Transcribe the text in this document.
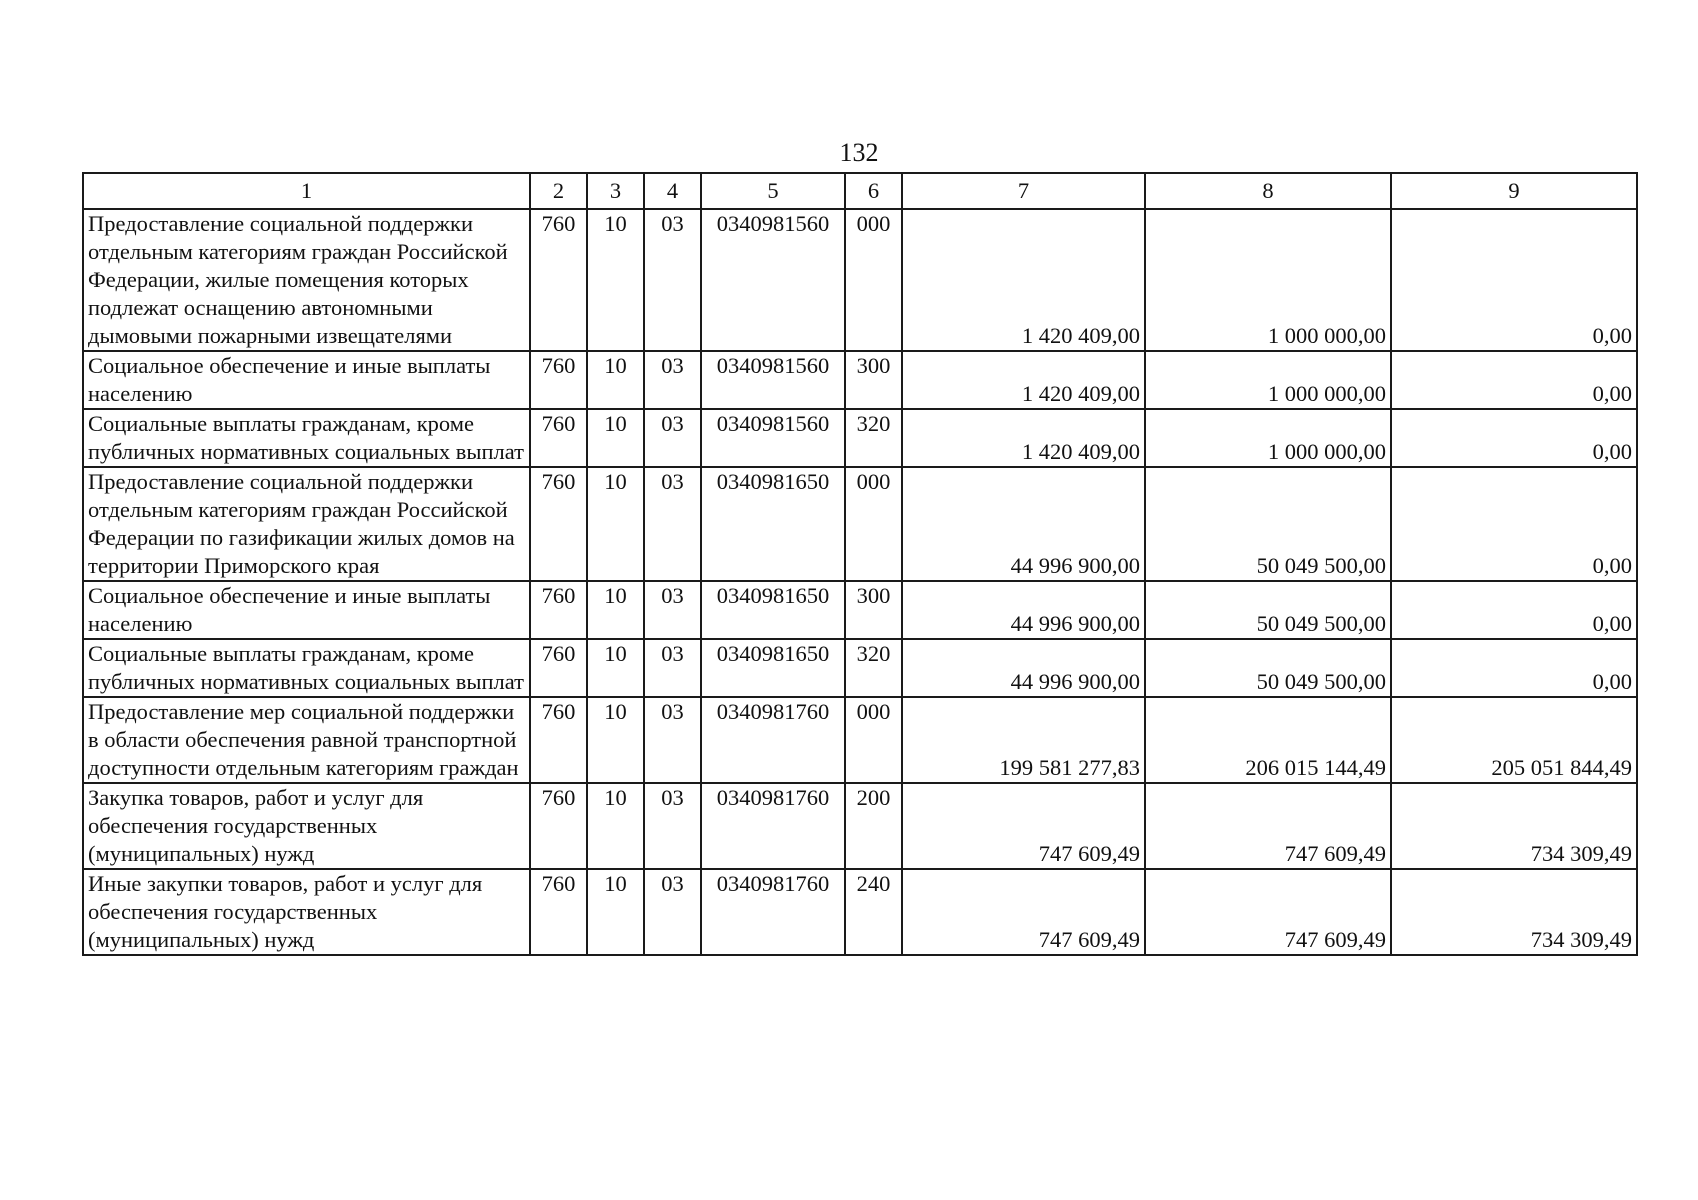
132
1	2	3	4	5	6	7	8	9
Предоставление социальной поддержки отдельным категориям граждан Российской Федерации, жилые помещения которых подлежат оснащению автономными дымовыми пожарными извещателями	760	10	03	0340981560	000	1 420 409,00	1 000 000,00	0,00
Социальное обеспечение и иные выплаты населению	760	10	03	0340981560	300	1 420 409,00	1 000 000,00	0,00
Социальные выплаты гражданам, кроме публичных нормативных социальных выплат	760	10	03	0340981560	320	1 420 409,00	1 000 000,00	0,00
Предоставление социальной поддержки отдельным категориям граждан Российской Федерации по газификации жилых домов на территории Приморского края	760	10	03	0340981650	000	44 996 900,00	50 049 500,00	0,00
Социальное обеспечение и иные выплаты населению	760	10	03	0340981650	300	44 996 900,00	50 049 500,00	0,00
Социальные выплаты гражданам, кроме публичных нормативных социальных выплат	760	10	03	0340981650	320	44 996 900,00	50 049 500,00	0,00
Предоставление мер социальной поддержки в области обеспечения равной транспортной доступности отдельным категориям граждан	760	10	03	0340981760	000	199 581 277,83	206 015 144,49	205 051 844,49
Закупка товаров, работ и услуг для обеспечения государственных (муниципальных) нужд	760	10	03	0340981760	200	747 609,49	747 609,49	734 309,49
Иные закупки товаров, работ и услуг для обеспечения государственных (муниципальных) нужд	760	10	03	0340981760	240	747 609,49	747 609,49	734 309,49
